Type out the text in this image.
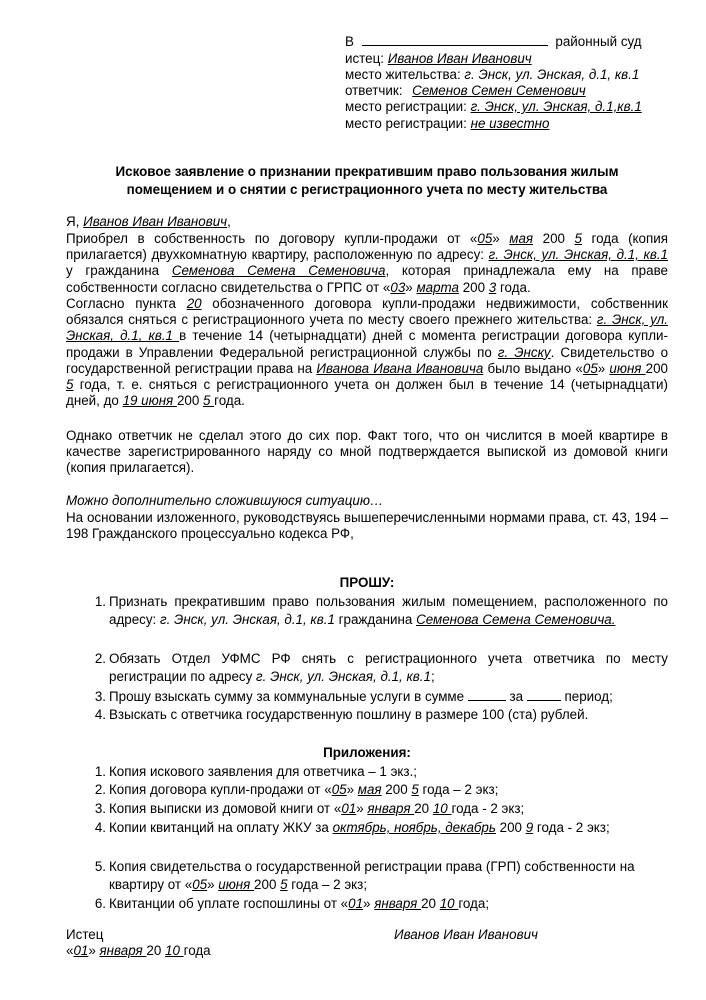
В	районный суд
истец: Иванов Иван Иванович
место жительства: г. Энск, ул. Энская, д.1, кв.1
ответчик: Семенов Семен Семенович
место регистрации: г. Энск, ул. Энская, д.1,кв.1
место регистрации: не известно
Исковое заявление о признании прекратившим право пользования жилым
помещением и о снятии с регистрационного учета по месту жительства
Я, Иванов Иван Иванович,
Приобрел в собственность по договору купли-продажи от «05» мая 200 5 года (копия прилагается) двухкомнатную квартиру, расположенную по адресу: г. Энск, ул. Энская, д.1, кв.1 у гражданина Семенова Семена Семеновича, которая принадлежала ему на праве собственности согласно свидетельства о ГРПС от «03» марта 200 3 года.
Согласно пункта 20 обозначенного договора купли-продажи недвижимости, собственник обязался сняться с регистрационного учета по месту своего прежнего жительства: г. Энск, ул. Энская, д.1, кв.1 в течение 14 (четырнадцати) дней с момента регистрации договора купли-продажи в Управлении Федеральной регистрационной службы по г. Энску. Свидетельство о государственной регистрации права на Иванова Ивана Ивановича было выдано «05» июня 200 5 года, т. е. сняться с регистрационного учета он должен был в течение 14 (четырнадцати) дней, до 19 июня 200 5 года.
Однако ответчик не сделал этого до сих пор. Факт того, что он числится в моей квартире в качестве зарегистрированного наряду со мной подтверждается выпиской из домовой книги (копия прилагается).
Можно дополнительно сложившуюся ситуацию…
На основании изложенного, руководствуясь вышеперечисленными нормами права, ст. 43, 194 – 198 Гражданского процессуально кодекса РФ,
ПРОШУ:
1. Признать прекратившим право пользования жилым помещением, расположенного по адресу: г. Энск, ул. Энская, д.1, кв.1 гражданина Семенова Семена Семеновича.
2. Обязать Отдел УФМС РФ снять с регистрационного учета ответчика по месту регистрации по адресу г. Энск, ул. Энская, д.1, кв.1;
3. Прошу взыскать сумму за коммунальные услуги в сумме	за	период;
4. Взыскать с ответчика государственную пошлину в размере 100 (ста) рублей.
Приложения:
1. Копия искового заявления для ответчика – 1 экз.;
2. Копия договора купли-продажи от «05» мая 200 5 года – 2 экз;
3. Копия выписки из домовой книги от «01» января 20 10 года - 2 экз;
4. Копии квитанций на оплату ЖКУ за октябрь, ноябрь, декабрь 200 9 года - 2 экз;
5. Копия свидетельства о государственной регистрации права (ГРП) собственности на квартиру от «05» июня 200 5 года – 2 экз;
6. Квитанции об уплате госпошлины от «01» января 20 10 года;
Истец	Иванов Иван Иванович
«01» января 20 10 года
